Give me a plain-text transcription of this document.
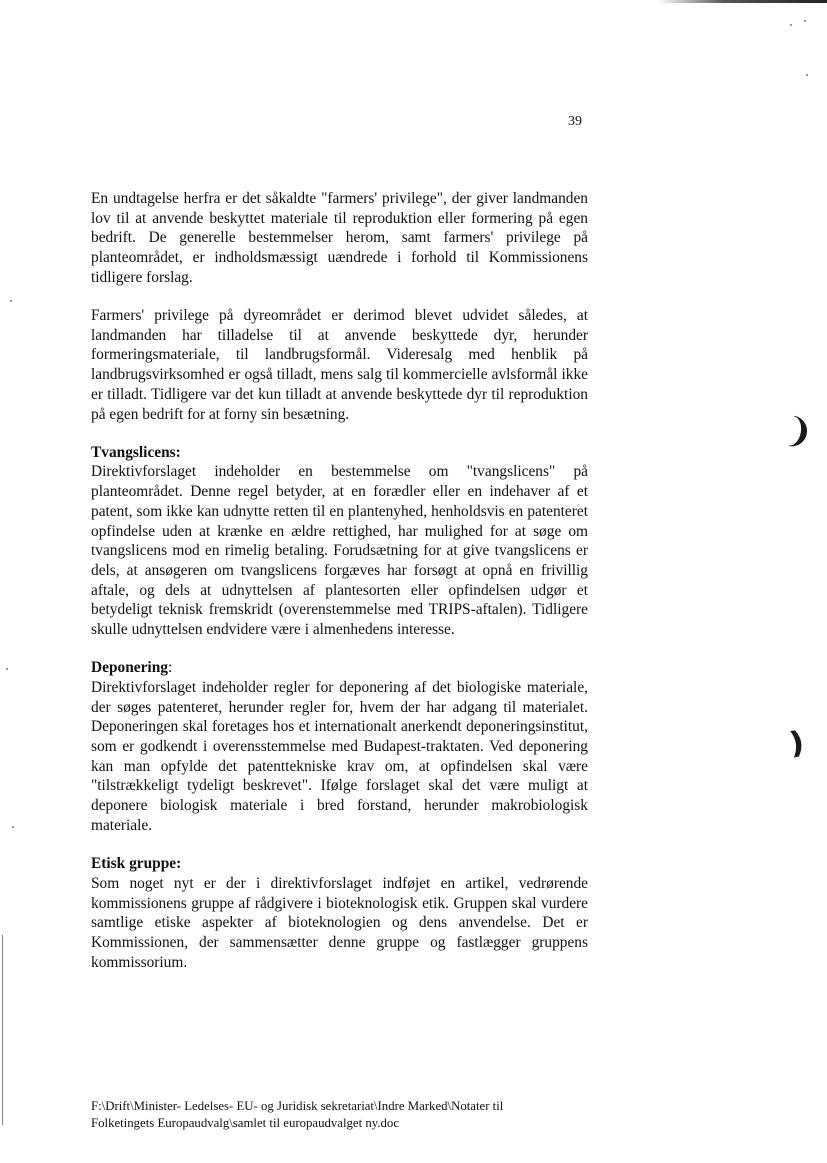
39

En undtagelse herfra er det såkaldte "farmers' privilege", der giver landmanden lov til at anvende beskyttet materiale til reproduktion eller formering på egen bedrift. De generelle bestemmelser herom, samt farmers' privilege på planteområdet, er indholdsmæssigt uændrede i forhold til Kommissionens tidligere forslag.

Farmers' privilege på dyreområdet er derimod blevet udvidet således, at landmanden har tilladelse til at anvende beskyttede dyr, herunder formeringsmateriale, til landbrugsformål. Videresalg med henblik på landbrugsvirksomhed er også tilladt, mens salg til kommercielle avlsformål ikke er tilladt. Tidligere var det kun tilladt at anvende beskyttede dyr til reproduktion på egen bedrift for at forny sin besætning.

Tvangslicens:
Direktivforslaget indeholder en bestemmelse om "tvangslicens" på planteområdet. Denne regel betyder, at en forædler eller en indehaver af et patent, som ikke kan udnytte retten til en plantenyhed, henholdsvis en patenteret opfindelse uden at krænke en ældre rettighed, har mulighed for at søge om tvangslicens mod en rimelig betaling. Forudsætning for at give tvangslicens er dels, at ansøgeren om tvangslicens forgæves har forsøgt at opnå en frivillig aftale, og dels at udnyttelsen af plantesorten eller opfindelsen udgør et betydeligt teknisk fremskridt (overenstemmelse med TRIPS-aftalen). Tidligere skulle udnyttelsen endvidere være i almenhedens interesse.

Deponering:
Direktivforslaget indeholder regler for deponering af det biologiske materiale, der søges patenteret, herunder regler for, hvem der har adgang til materialet. Deponeringen skal foretages hos et internationalt anerkendt deponeringsinstitut, som er godkendt i overensstemmelse med Budapest-traktaten. Ved deponering kan man opfylde det patenttekniske krav om, at opfindelsen skal være "tilstrækkeligt tydeligt beskrevet". Ifølge forslaget skal det være muligt at deponere biologisk materiale i bred forstand, herunder makrobiologisk materiale.

Etisk gruppe:
Som noget nyt er der i direktivforslaget indføjet en artikel, vedrørende kommissionens gruppe af rådgivere i bioteknologisk etik. Gruppen skal vurdere samtlige etiske aspekter af bioteknologien og dens anvendelse. Det er Kommissionen, der sammensætter denne gruppe og fastlægger gruppens kommissorium.

❩
❫
F:\Drift\Minister- Ledelses- EU- og Juridisk sekretariat\Indre Marked\Notater til
Folketingets Europaudvalg\samlet til europaudvalget ny.doc
